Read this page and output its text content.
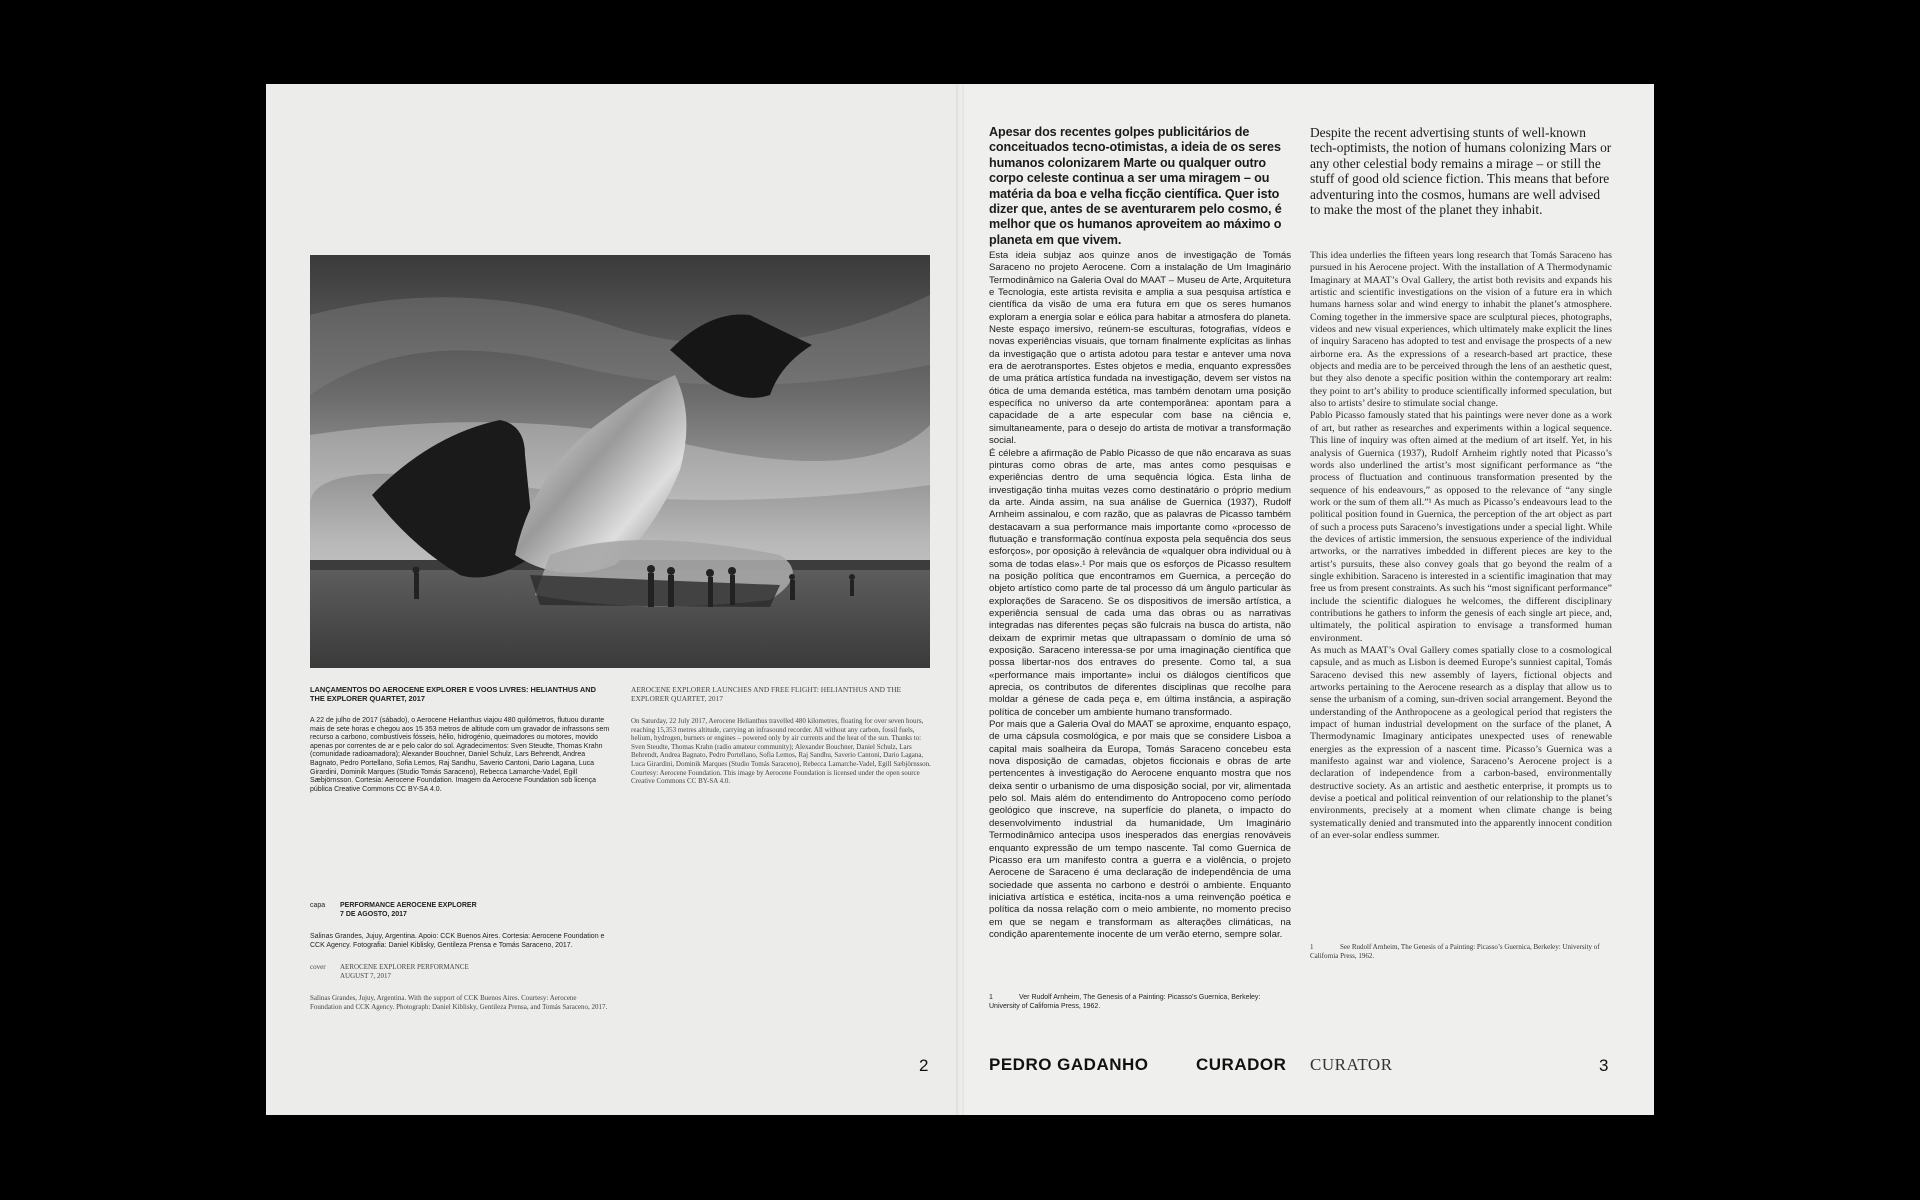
LANÇAMENTOS DO AEROCENE EXPLORER E VOOS LIVRES: HELIANTHUS AND THE EXPLORER QUARTET, 2017

A 22 de julho de 2017 (sábado), o Aerocene Helianthus viajou 480 quilómetros, flutuou durante mais de sete horas e chegou aos 15 353 metros de altitude com um gravador de infrassons sem recurso a carbono, combustíveis fósseis, hélio, hidrogénio, queimadores ou motores, movido apenas por correntes de ar e pelo calor do sol. Agradecimentos: Sven Steudte, Thomas Krahn (comunidade radioamadora); Alexander Bouchner, Daniel Schulz, Lars Behrendt, Andrea Bagnato, Pedro Portellano, Sofia Lemos, Raj Sandhu, Saverio Cantoni, Dario Lagana, Luca Girardini, Dominik Marques (Studio Tomás Saraceno), Rebecca Lamarche-Vadel, Egill Sæbjörnsson. Cortesia: Aerocene Foundation. Imagem da Aerocene Foundation sob licença pública Creative Commons CC BY-SA 4.0.

AEROCENE EXPLORER LAUNCHES AND FREE FLIGHT: HELIANTHUS AND THE EXPLORER QUARTET, 2017

On Saturday, 22 July 2017, Aerocene Helianthus travelled 480 kilometres, floating for over seven hours, reaching 15,353 metres altitude, carrying an infrasound recorder. All without any carbon, fossil fuels, helium, hydrogen, burners or engines – powered only by air currents and the heat of the sun. Thanks to: Sven Steudte, Thomas Krahn (radio amateur community); Alexander Bouchner, Daniel Schulz, Lars Behrendt, Andrea Bagnato, Pedro Portellano, Sofia Lemos, Raj Sandhu, Saverio Cantoni, Dario Lagana, Luca Girardini, Dominik Marques (Studio Tomás Saraceno), Rebecca Lamarche-Vadel, Egill Sæbjörnsson. Courtesy: Aerocene Foundation. This image by Aerocene Foundation is licensed under the open source Creative Commons CC BY-SA 4.0.

capa	PERFORMANCE AEROCENE EXPLORER
7 DE AGOSTO, 2017

Salinas Grandes, Jujuy, Argentina. Apoio: CCK Buenos Aires. Cortesia: Aerocene Foundation e CCK Agency. Fotografia: Daniel Kiblisky, Gentileza Prensa e Tomás Saraceno, 2017.

cover	AEROCENE EXPLORER PERFORMANCE
AUGUST 7, 2017

Salinas Grandes, Jujuy, Argentina. With the support of CCK Buenos Aires. Courtesy: Aerocene Foundation and CCK Agency. Photograph: Daniel Kiblisky, Gentileza Prensa, and Tomás Saraceno, 2017.

2

Apesar dos recentes golpes publicitários de conceituados tecno-otimistas, a ideia de os seres humanos colonizarem Marte ou qualquer outro corpo celeste continua a ser uma miragem – ou matéria da boa e velha ficção científica. Quer isto dizer que, antes de se aventurarem pelo cosmo, é melhor que os humanos aproveitem ao máximo o planeta em que vivem.

Despite the recent advertising stunts of well-known tech-optimists, the notion of humans colonizing Mars or any other celestial body remains a mirage – or still the stuff of good old science fiction. This means that before adventuring into the cosmos, humans are well advised to make the most of the planet they inhabit.

Esta ideia subjaz aos quinze anos de investigação de Tomás Saraceno no projeto Aerocene. Com a instalação de Um Imaginário Termodinâmico na Galeria Oval do MAAT – Museu de Arte, Arquitetura e Tecnologia, este artista revisita e amplia a sua pesquisa artística e científica da visão de uma era futura em que os seres humanos exploram a energia solar e eólica para habitar a atmosfera do planeta. Neste espaço imersivo, reúnem-se esculturas, fotografias, vídeos e novas experiências visuais, que tornam finalmente explícitas as linhas da investigação que o artista adotou para testar e antever uma nova era de aerotransportes. Estes objetos e media, enquanto expressões de uma prática artística fundada na investigação, devem ser vistos na ótica de uma demanda estética, mas também denotam uma posição específica no universo da arte contemporânea: apontam para a capacidade de a arte especular com base na ciência e, simultaneamente, para o desejo do artista de motivar a transformação social.

É célebre a afirmação de Pablo Picasso de que não encarava as suas pinturas como obras de arte, mas antes como pesquisas e experiências dentro de uma sequência lógica. Esta linha de investigação tinha muitas vezes como destinatário o próprio medium da arte. Ainda assim, na sua análise de Guernica (1937), Rudolf Arnheim assinalou, e com razão, que as palavras de Picasso também destacavam a sua performance mais importante como «processo de flutuação e transformação contínua exposta pela sequência dos seus esforços», por oposição à relevância de «qualquer obra individual ou à soma de todas elas».¹ Por mais que os esforços de Picasso resultem na posição política que encontramos em Guernica, a perceção do objeto artístico como parte de tal processo dá um ângulo particular às explorações de Saraceno. Se os dispositivos de imersão artística, a experiência sensual de cada uma das obras ou as narrativas integradas nas diferentes peças são fulcrais na busca do artista, não deixam de exprimir metas que ultrapassam o domínio de uma só exposição. Saraceno interessa-se por uma imaginação científica que possa libertar-nos dos entraves do presente. Como tal, a sua «performance mais importante» inclui os diálogos científicos que aprecia, os contributos de diferentes disciplinas que recolhe para moldar a génese de cada peça e, em última instância, a aspiração política de conceber um ambiente humano transformado.

Por mais que a Galeria Oval do MAAT se aproxime, enquanto espaço, de uma cápsula cosmológica, e por mais que se considere Lisboa a capital mais soalheira da Europa, Tomás Saraceno concebeu esta nova disposição de camadas, objetos ficcionais e obras de arte pertencentes à investigação do Aerocene enquanto mostra que nos deixa sentir o urbanismo de uma disposição social, por vir, alimentada pelo sol. Mais além do entendimento do Antropoceno como período geológico que inscreve, na superfície do planeta, o impacto do desenvolvimento industrial da humanidade, Um Imaginário Termodinâmico antecipa usos inesperados das energias renováveis enquanto expressão de um tempo nascente. Tal como Guernica de Picasso era um manifesto contra a guerra e a violência, o projeto Aerocene de Saraceno é uma declaração de independência de uma sociedade que assenta no carbono e destrói o ambiente. Enquanto iniciativa artística e estética, incita-nos a uma reinvenção poética e política da nossa relação com o meio ambiente, no momento preciso em que se negam e transformam as alterações climáticas, na condição aparentemente inocente de um verão eterno, sempre solar.

This idea underlies the fifteen years long research that Tomás Saraceno has pursued in his Aerocene project. With the installation of A Thermodynamic Imaginary at MAAT’s Oval Gallery, the artist both revisits and expands his artistic and scientific investigations on the vision of a future era in which humans harness solar and wind energy to inhabit the planet’s atmosphere. Coming together in the immersive space are sculptural pieces, photographs, videos and new visual experiences, which ultimately make explicit the lines of inquiry Saraceno has adopted to test and envisage the prospects of a new airborne era. As the expressions of a research-based art practice, these objects and media are to be perceived through the lens of an aesthetic quest, but they also denote a specific position within the contemporary art realm: they point to art’s ability to produce scientifically informed speculation, but also to artists’ desire to stimulate social change.

Pablo Picasso famously stated that his paintings were never done as a work of art, but rather as researches and experiments within a logical sequence. This line of inquiry was often aimed at the medium of art itself. Yet, in his analysis of Guernica (1937), Rudolf Arnheim rightly noted that Picasso’s words also underlined the artist’s most significant performance as “the process of fluctuation and continuous transformation presented by the sequence of his endeavours,” as opposed to the relevance of “any single work or the sum of them all.”¹ As much as Picasso’s endeavours lead to the political position found in Guernica, the perception of the art object as part of such a process puts Saraceno’s investigations under a special light. While the devices of artistic immersion, the sensuous experience of the individual artworks, or the narratives imbedded in different pieces are key to the artist’s pursuits, these also convey goals that go beyond the realm of a single exhibition. Saraceno is interested in a scientific imagination that may free us from present constraints. As such his “most significant performance” include the scientific dialogues he welcomes, the different disciplinary contributions he gathers to inform the genesis of each single art piece, and, ultimately, the political aspiration to envisage a transformed human environment.

As much as MAAT’s Oval Gallery comes spatially close to a cosmological capsule, and as much as Lisbon is deemed Europe’s sunniest capital, Tomás Saraceno devised this new assembly of layers, fictional objects and artworks pertaining to the Aerocene research as a display that allow us to sense the urbanism of a coming, sun-driven social arrangement. Beyond the understanding of the Anthropocene as a geological period that registers the impact of human industrial development on the surface of the planet, A Thermodynamic Imaginary anticipates unexpected uses of renewable energies as the expression of a nascent time. Picasso’s Guernica was a manifesto against war and violence, Saraceno’s Aerocene project is a declaration of independence from a carbon-based, environmentally destructive society. As an artistic and aesthetic enterprise, it prompts us to devise a poetical and political reinvention of our relationship to the planet’s environments, precisely at a moment when climate change is being systematically denied and transmuted into the apparently innocent condition of an ever-solar endless summer.

1	See Rudolf Arnheim, The Genesis of a Painting: Picasso’s Guernica, Berkeley: University of California Press, 1962.
1	Ver Rudolf Arnheim, The Genesis of a Painting: Picasso’s Guernica, Berkeley: University of California Press, 1962.
PEDRO GADANHO	CURADOR CURATOR	3
